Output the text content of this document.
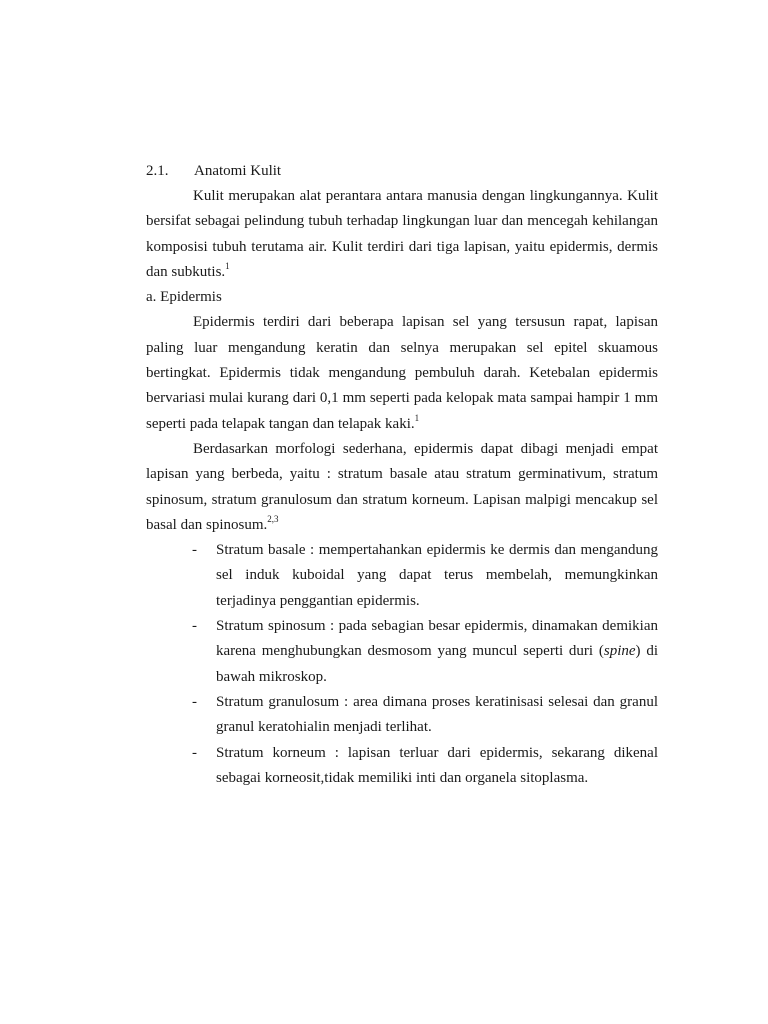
2.1.	Anatomi Kulit

Kulit merupakan alat perantara antara manusia dengan lingkungannya. Kulit bersifat sebagai pelindung tubuh terhadap lingkungan luar dan mencegah kehilangan komposisi tubuh terutama air. Kulit terdiri dari tiga lapisan, yaitu epidermis, dermis dan subkutis.$^1$

a. Epidermis

Epidermis terdiri dari beberapa lapisan sel yang tersusun rapat, lapisan paling luar mengandung keratin dan selnya merupakan sel epitel skuamous bertingkat. Epidermis tidak mengandung pembuluh darah. Ketebalan epidermis bervariasi mulai kurang dari 0,1 mm seperti pada kelopak mata sampai hampir 1 mm seperti pada telapak tangan dan telapak kaki.$^1$

Berdasarkan morfologi sederhana, epidermis dapat dibagi menjadi empat lapisan yang berbeda, yaitu : stratum basale atau stratum germinativum, stratum spinosum, stratum granulosum dan stratum korneum. Lapisan malpigi mencakup sel basal dan spinosum.$^{2,3}$

- Stratum basale : mempertahankan epidermis ke dermis dan mengandung sel induk kuboidal yang dapat terus membelah, memungkinkan terjadinya penggantian epidermis.
- Stratum spinosum : pada sebagian besar epidermis, dinamakan demikian karena menghubungkan desmosom yang muncul seperti duri (spine) di bawah mikroskop.
- Stratum granulosum : area dimana proses keratinisasi selesai dan granul granul keratohialin menjadi terlihat.
- Stratum korneum : lapisan terluar dari epidermis, sekarang dikenal sebagai korneosit,tidak memiliki inti dan organela sitoplasma.
